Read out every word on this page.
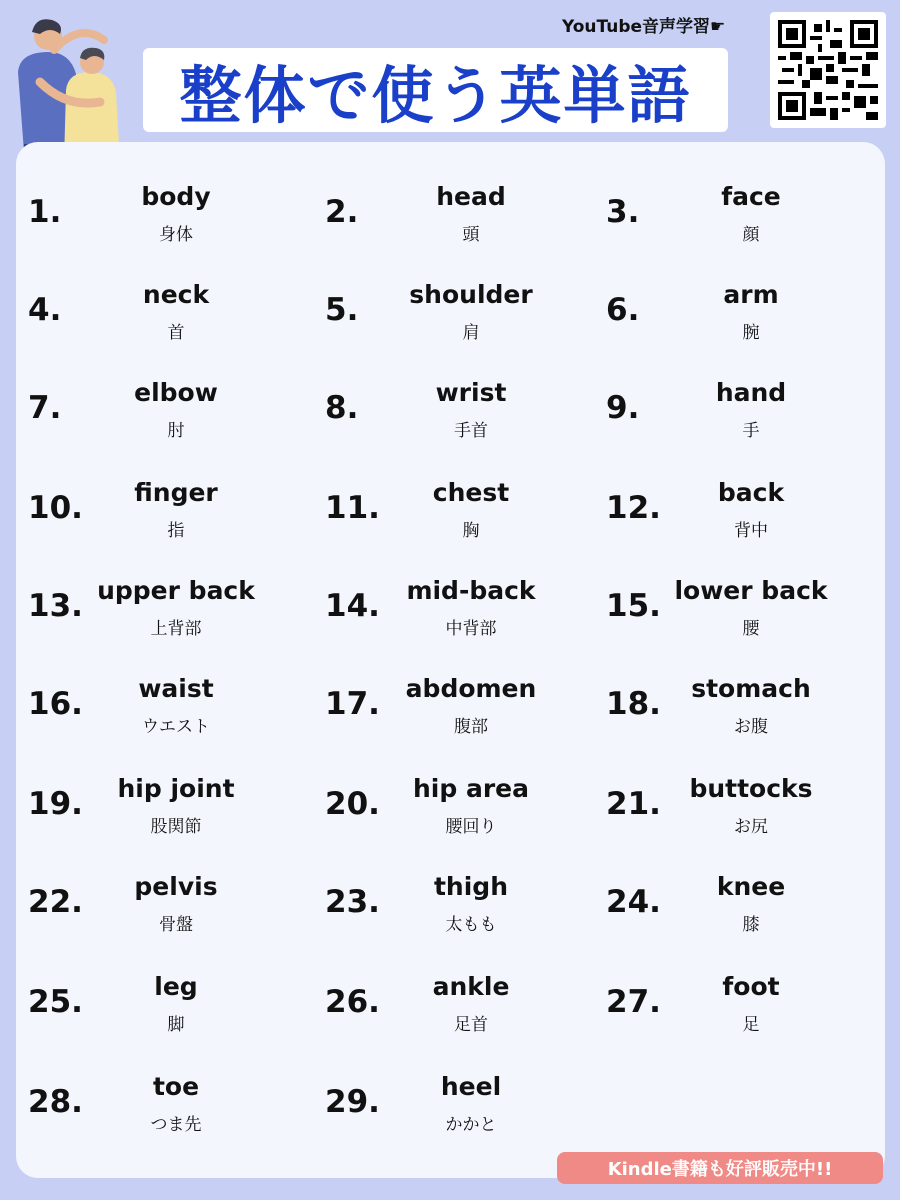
整体で使う英単語
YouTube音声学習☛
1.	body
身体
2.	head
頭
3.	face
顔
4.	neck
首
5.	shoulder
肩
6.	arm
腕
7.	elbow
肘
8.	wrist
手首
9.	hand
手
10.	finger
指
11.	chest
胸
12.	back
背中
13. upper back
上背部
14.	mid-back
中背部
15. lower back
腰
16.	waist
ウエスト
17.	abdomen
腹部
18.	stomach
お腹
19.	hip joint
股関節
20.	hip area
腰回り
21.	buttocks
お尻
22.	pelvis
骨盤
23.	thigh
太もも
24.	knee
膝
25.	leg
脚
26.	ankle
足首
27.	foot
足
28.	toe
つま先
29.	heel
かかと
Kindle書籍も好評販売中!!
